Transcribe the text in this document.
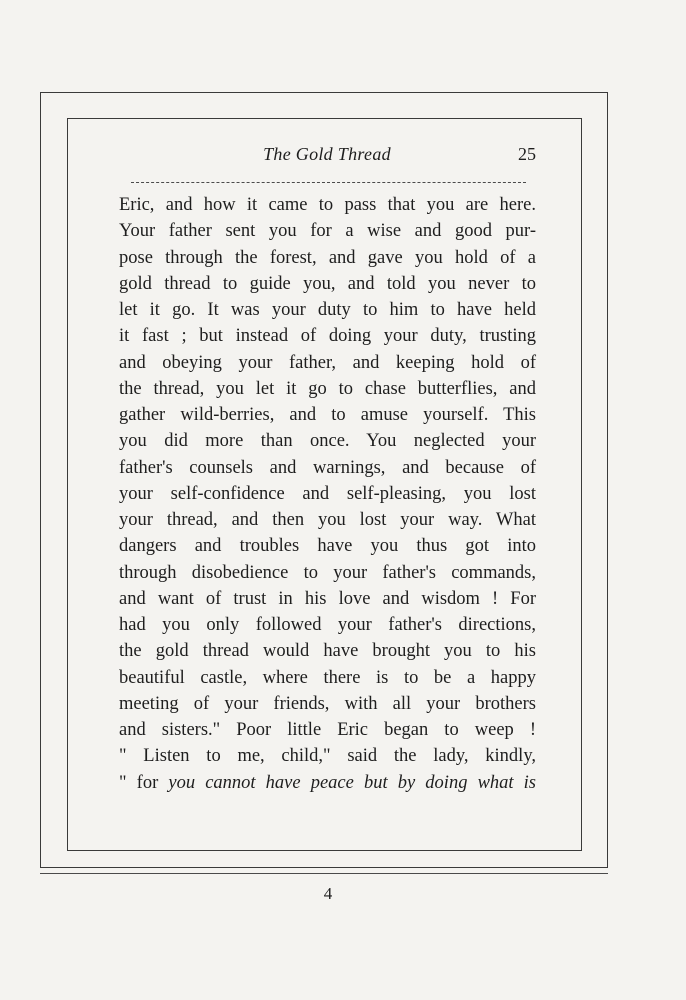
The Gold Thread	25
Eric, and how it came to pass that you are here.
Your father sent you for a wise and good pur-
pose through the forest, and gave you hold of a
gold thread to guide you, and told you never to
let it go. It was your duty to him to have held
it fast ; but instead of doing your duty, trusting
and obeying your father, and keeping hold of
the thread, you let it go to chase butterflies, and
gather wild-berries, and to amuse yourself. This
you did more than once. You neglected your
father's counsels and warnings, and because of
your self-confidence and self-pleasing, you lost
your thread, and then you lost your way. What
dangers and troubles have you thus got into
through disobedience to your father's commands,
and want of trust in his love and wisdom ! For
had you only followed your father's directions,
the gold thread would have brought you to his
beautiful castle, where there is to be a happy
meeting of your friends, with all your brothers
and sisters." Poor little Eric began to weep !
" Listen to me, child," said the lady, kindly,
" for you cannot have peace but by doing what is
4
